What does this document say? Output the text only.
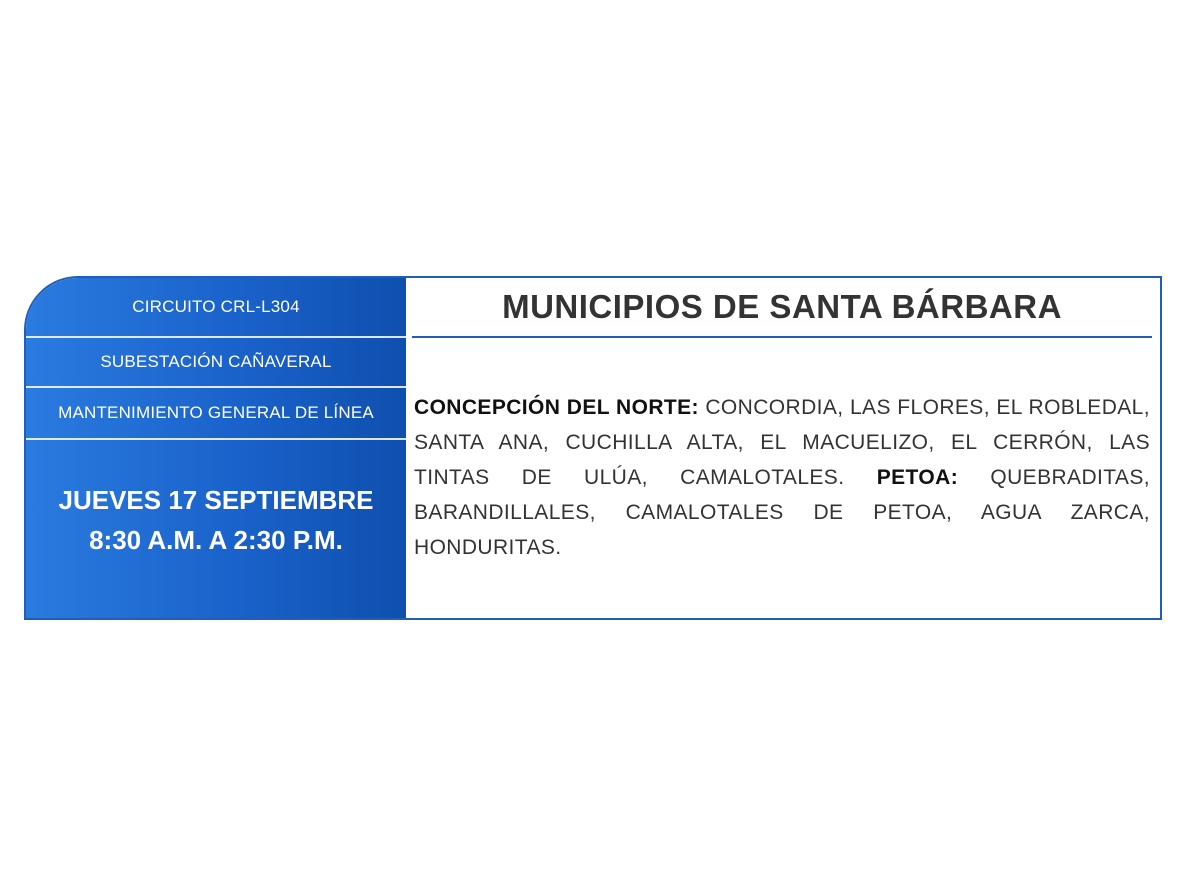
CIRCUITO CRL-L304
SUBESTACIÓN CAÑAVERAL
MANTENIMIENTO GENERAL DE LÍNEA
JUEVES 17 SEPTIEMBRE
8:30 A.M. A 2:30 P.M.
MUNICIPIOS DE SANTA BÁRBARA
CONCEPCIÓN DEL NORTE: CONCORDIA, LAS FLORES, EL ROBLEDAL, SANTA ANA, CUCHILLA ALTA, EL MACUELIZO, EL CERRÓN, LAS TINTAS DE ULÚA, CAMALOTALES. PETOA: QUEBRADITAS, BARANDILLALES, CAMALOTALES DE PETOA, AGUA ZARCA, HONDURITAS.
